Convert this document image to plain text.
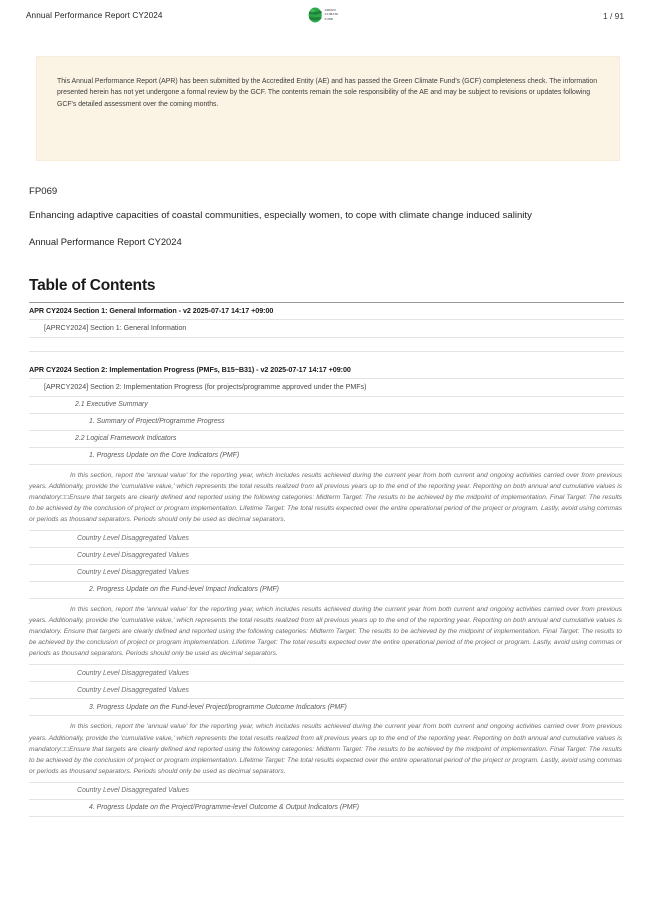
Annual Performance Report CY2024
GREEN
CLIMATE
FUND	1 / 91

This Annual Performance Report (APR) has been submitted by the Accredited Entity (AE) and has passed the Green Climate Fund's (GCF) completeness check. The information presented herein has not yet undergone a formal review by the GCF. The contents remain the sole responsibility of the AE and may be subject to revisions or updates following GCF's detailed assessment over the coming months.

FP069
Enhancing adaptive capacities of coastal communities, especially women, to cope with climate change induced salinity
Annual Performance Report CY2024
Table of Contents
APR CY2024 Section 1: General Information - v2 2025-07-17 14:17 +09:00
[APRCY2024] Section 1: General Information
APR CY2024 Section 2: Implementation Progress (PMFs, B15~B31) - v2 2025-07-17 14:17 +09:00
[APRCY2024] Section 2: Implementation Progress (for projects/programme approved under the PMFs)
2.1 Executive Summary
1. Summary of Project/Programme Progress
2.2 Logical Framework Indicators
1. Progress Update on the Core Indicators (PMF)
In this section, report the 'annual value' for the reporting year, which includes results achieved during the current year from both current and ongoing activities carried over from previous years. Additionally, provide the 'cumulative value,' which represents the total results realized from all previous years up to the end of the reporting year. Reporting on both annual and cumulative values is mandatory□□Ensure that targets are clearly defined and reported using the following categories: Midterm Target: The results to be achieved by the midpoint of implementation. Final Target: The results to be achieved by the conclusion of project or program implementation. Lifetime Target: The total results expected over the entire operational period of the project or program. Lastly, avoid using commas or periods as thousand separators. Periods should only be used as decimal separators.
Country Level Disaggregated Values
Country Level Disaggregated Values
Country Level Disaggregated Values
2. Progress Update on the Fund-level Impact Indicators (PMF)
In this section, report the 'annual value' for the reporting year, which includes results achieved during the current year from both current and ongoing activities carried over from previous years. Additionally, provide the 'cumulative value,' which represents the total results realized from all previous years up to the end of the reporting year. Reporting on both annual and cumulative values is mandatory. Ensure that targets are clearly defined and reported using the following categories: Midterm Target: The results to be achieved by the midpoint of implementation. Final Target: The results to be achieved by the conclusion of project or program implementation. Lifetime Target: The total results expected over the entire operational period of the project or program. Lastly, avoid using commas or periods as thousand separators. Periods should only be used as decimal separators.
Country Level Disaggregated Values
Country Level Disaggregated Values
3. Progress Update on the Fund-level Project/programme Outcome Indicators (PMF)
In this section, report the 'annual value' for the reporting year, which includes results achieved during the current year from both current and ongoing activities carried over from previous years. Additionally, provide the 'cumulative value,' which represents the total results realized from all previous years up to the end of the reporting year. Reporting on both annual and cumulative values is mandatory□□Ensure that targets are clearly defined and reported using the following categories: Midterm Target: The results to be achieved by the midpoint of implementation. Final Target: The results to be achieved by the conclusion of project or program implementation. Lifetime Target: The total results expected over the entire operational period of the project or program. Lastly, avoid using commas or periods as thousand separators. Periods should only be used as decimal separators.
Country Level Disaggregated Values
4. Progress Update on the Project/Programme-level Outcome & Output Indicators (PMF)
